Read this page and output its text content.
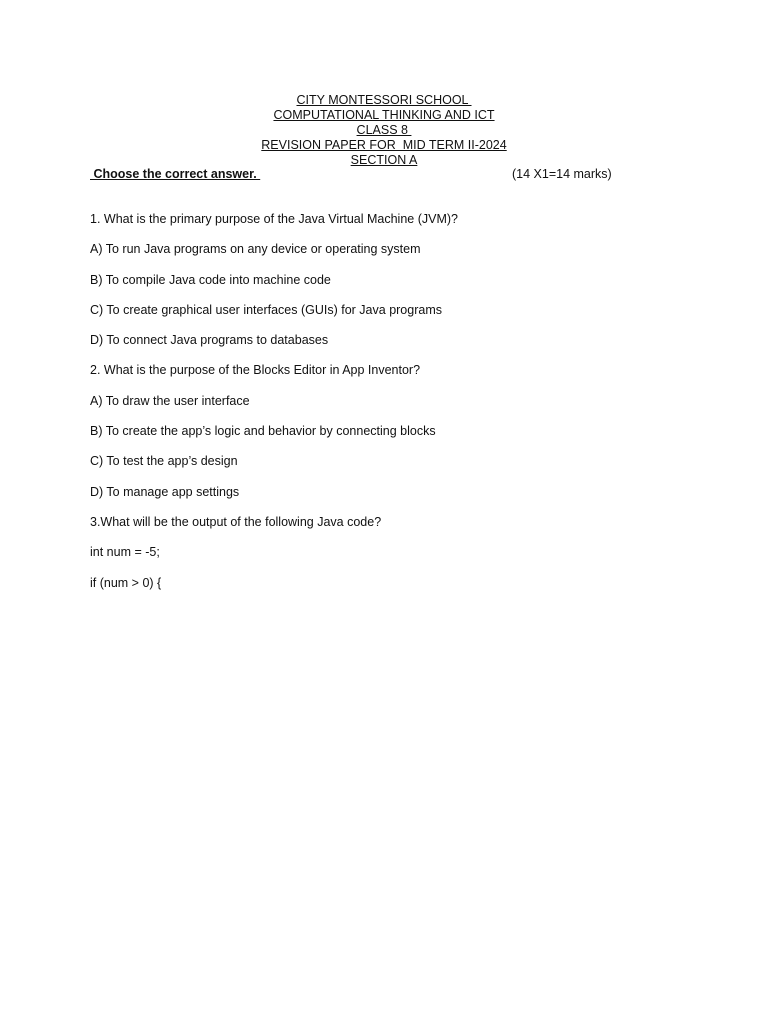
CITY MONTESSORI SCHOOL
COMPUTATIONAL THINKING AND ICT
CLASS 8
REVISION PAPER FOR  MID TERM II-2024
SECTION A
Choose the correct answer.	(14 X1=14 marks)
1. What is the primary purpose of the Java Virtual Machine (JVM)?
A) To run Java programs on any device or operating system
B) To compile Java code into machine code
C) To create graphical user interfaces (GUIs) for Java programs
D) To connect Java programs to databases
2. What is the purpose of the Blocks Editor in App Inventor?
A) To draw the user interface
B) To create the app’s logic and behavior by connecting blocks
C) To test the app’s design
D) To manage app settings
3.What will be the output of the following Java code?
int num = -5;
if (num > 0) {
